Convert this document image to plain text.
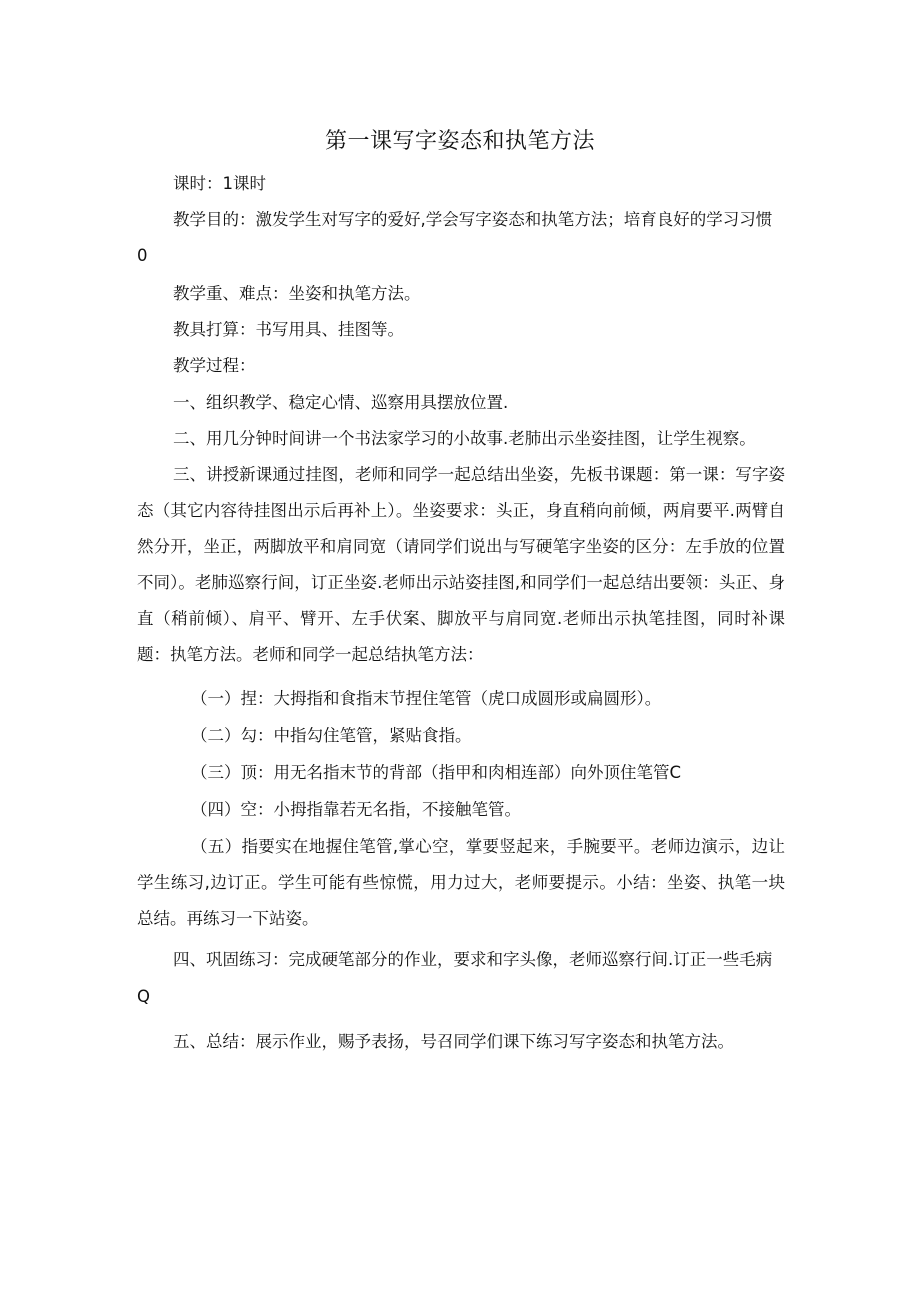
第一课写字姿态和执笔方法
课时：1课时
教学目的：激发学生对写字的爱好,学会写字姿态和执笔方法；培育良好的学习习惯
0
教学重、难点：坐姿和执笔方法。
教具打算：书写用具、挂图等。
教学过程：
一、组织教学、稳定心情、巡察用具摆放位置.
二、用几分钟时间讲一个书法家学习的小故事.老肺出示坐姿挂图，让学生视察。
三、讲授新课通过挂图，老师和同学一起总结出坐姿，先板书课题：第一课：写字姿态（其它内容待挂图出示后再补上）。坐姿要求：头正，身直稍向前倾，两肩要平.两臂自然分开，坐正，两脚放平和肩同宽（请同学们说出与写硬笔字坐姿的区分：左手放的位置不同）。老肺巡察行间，订正坐姿.老师出示站姿挂图,和同学们一起总结出要领：头正、身直（稍前倾）、肩平、臂开、左手伏案、脚放平与肩同宽.老师出示执笔挂图，同时补课题：执笔方法。老师和同学一起总结执笔方法：
（一）捏：大拇指和食指末节捏住笔管（虎口成圆形或扁圆形）。
（二）勾：中指勾住笔管，紧贴食指。
（三）顶：用无名指末节的背部（指甲和肉相连部）向外顶住笔管C
（四）空：小拇指靠若无名指，不接触笔管。
（五）指要实在地握住笔管,掌心空，掌要竖起来，手腕要平。老师边演示，边让学生练习,边订正。学生可能有些惊慌，用力过大，老师要提示。小结：坐姿、执笔一块总结。再练习一下站姿。
四、巩固练习：完成硬笔部分的作业，要求和字头像，老师巡察行间.订正一些毛病
Q
五、总结：展示作业，赐予表扬，号召同学们课下练习写字姿态和执笔方法。
